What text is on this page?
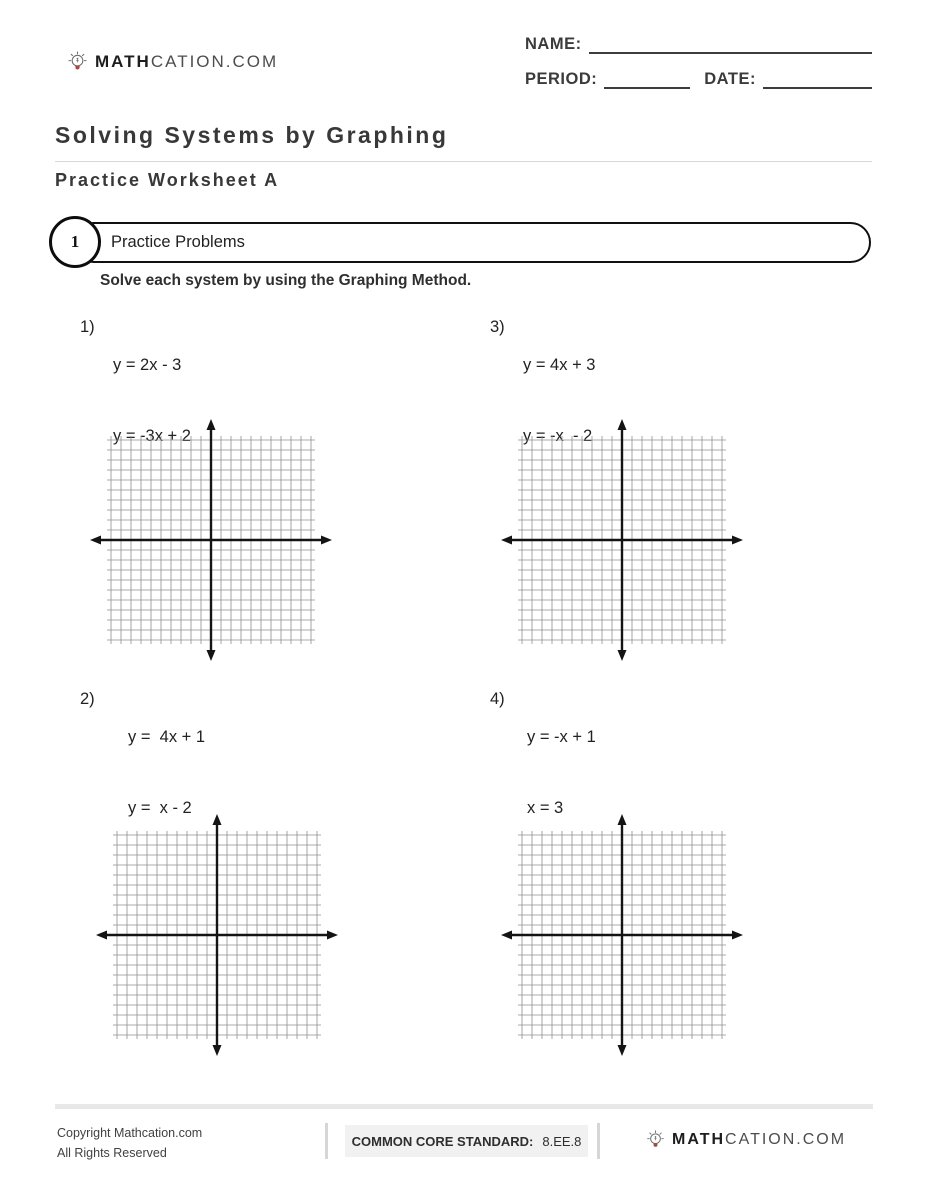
MATHCATION.COM
NAME:
PERIOD:	DATE:
Solving Systems by Graphing
Practice Worksheet A
Practice Problems
1

Solve each system by using the Graphing Method.

1)

y = 2x - 3

y = -3x + 2

3)

y = 4x + 3

y = -x  - 2

2)

y =  4x + 1

y =  x - 2

4)

y = -x + 1

x = 3

Copyright Mathcation.com
All Rights Reserved
COMMON CORE STANDARD: 8.EE.8	MATHCATION.COM
